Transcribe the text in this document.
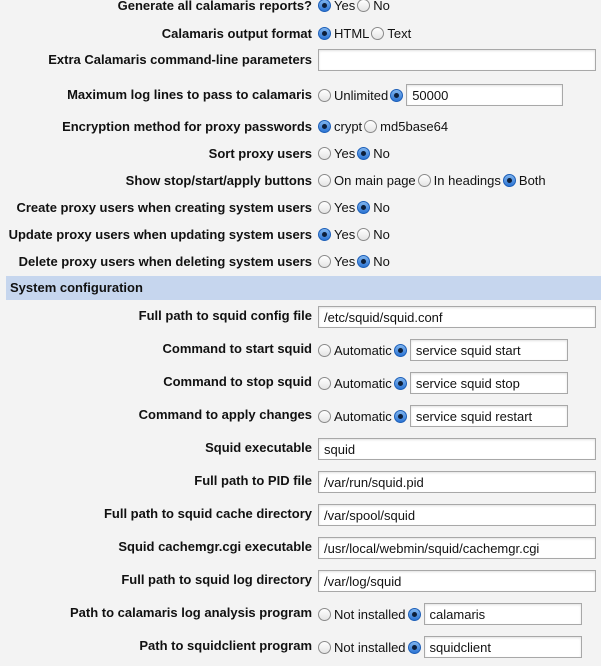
Generate all calamaris reports? Yes No
Calamaris output format HTML Text
Extra Calamaris command-line parameters
Maximum log lines to pass to calamaris Unlimited
50000
Encryption method for proxy passwords crypt md5base64
Sort proxy users Yes No
Show stop/start/apply buttons On main page In headings Both
Create proxy users when creating system users Yes No
Update proxy users when updating system users Yes No
Delete proxy users when deleting system users Yes No
System configuration
Full path to squid config file
/etc/squid/squid.conf
Command to start squid Automatic
service squid start
Command to stop squid Automatic
service squid stop
Command to apply changes Automatic
service squid restart
Squid executable
squid
Full path to PID file
/var/run/squid.pid
Full path to squid cache directory
/var/spool/squid
Squid cachemgr.cgi executable
/usr/local/webmin/squid/cachemgr.cgi
Full path to squid log directory
/var/log/squid
Path to calamaris log analysis program Not installed
calamaris
Path to squidclient program Not installed
squidclient
